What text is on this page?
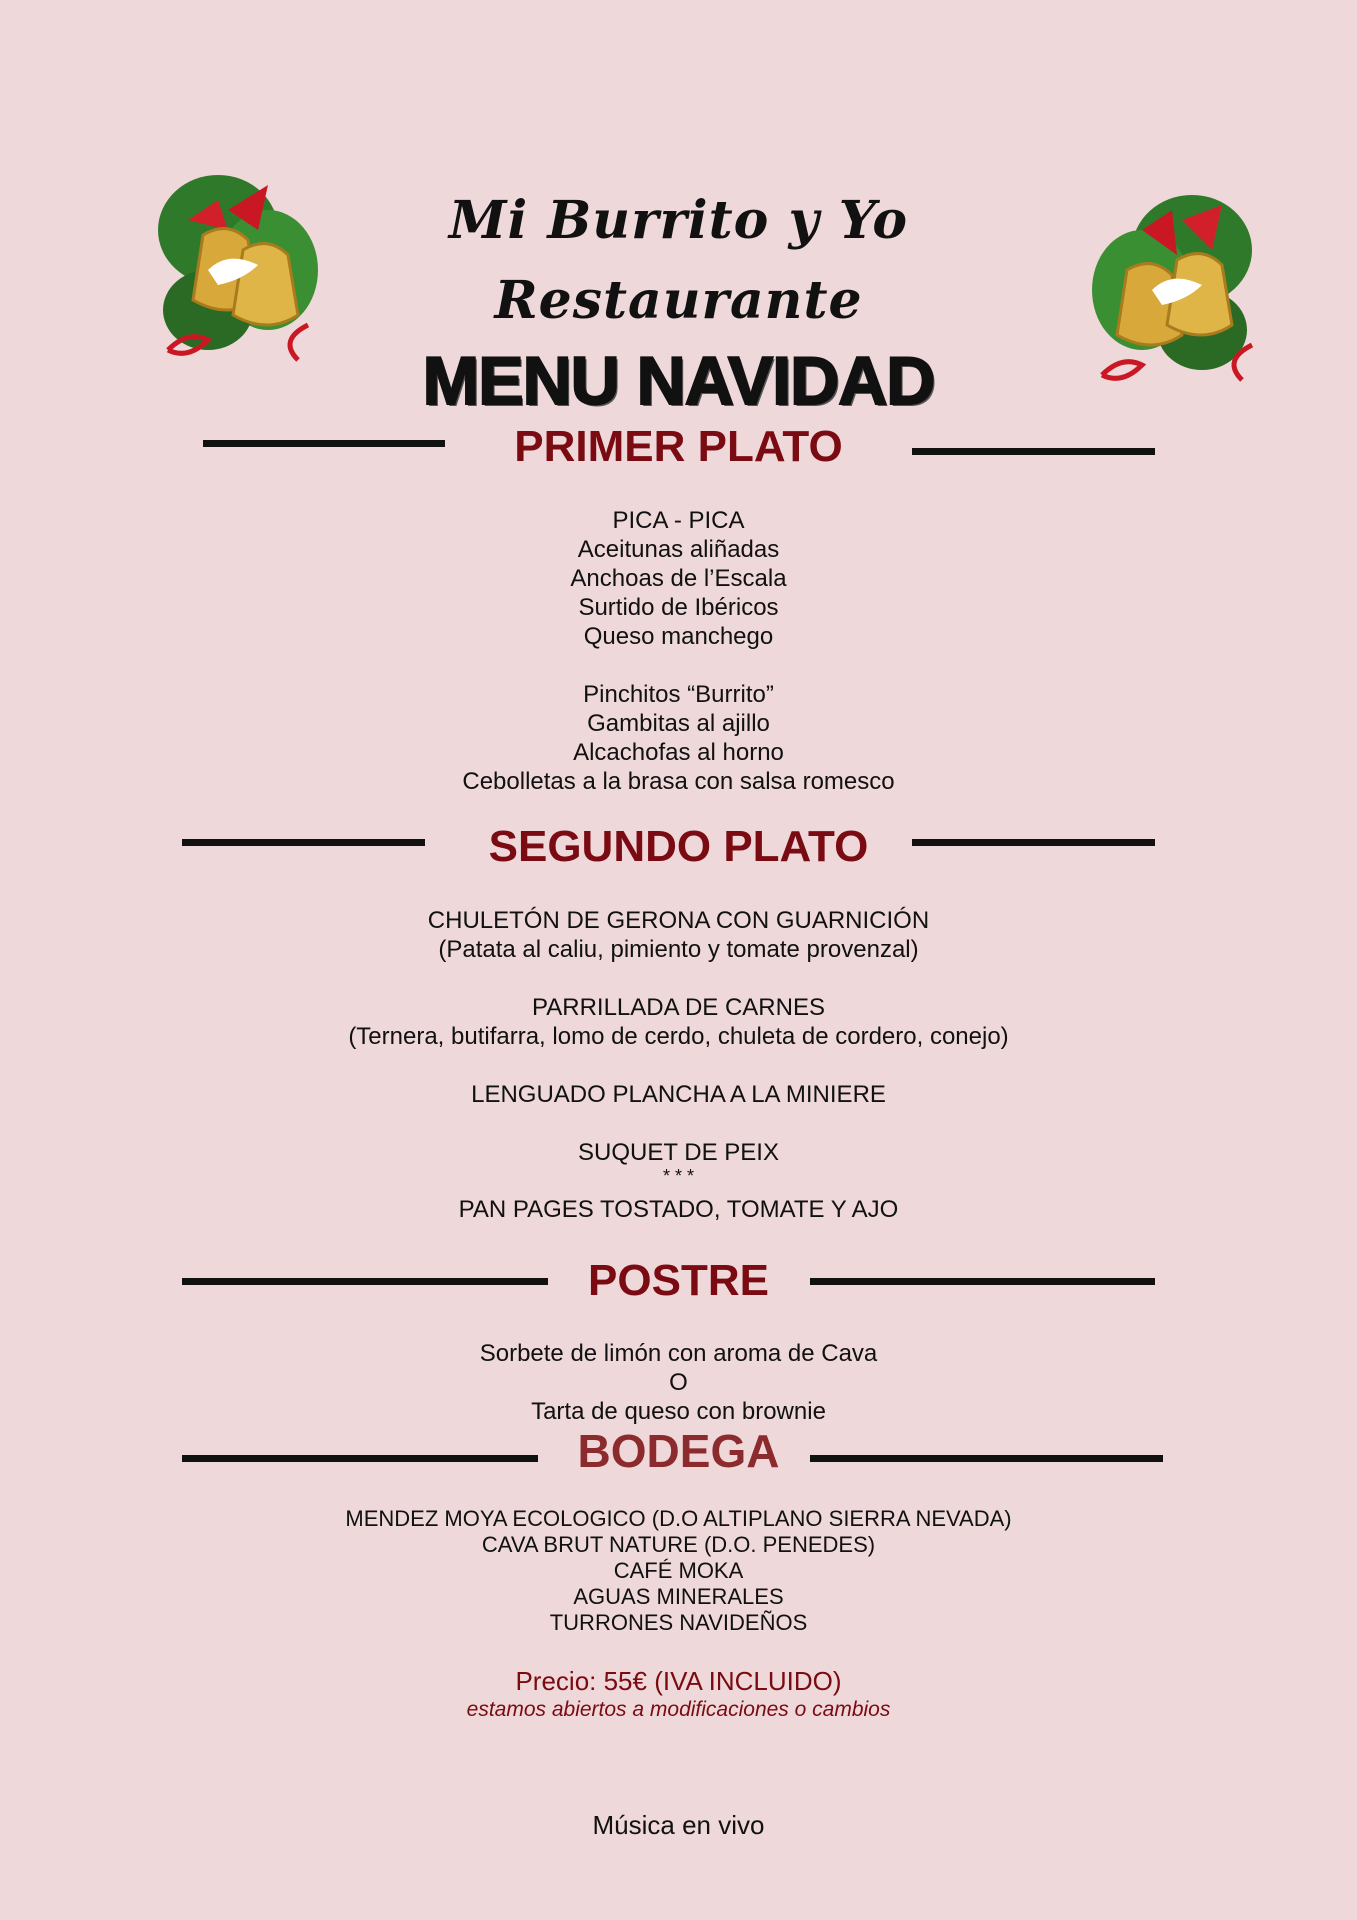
Mi Burrito y Yo
Restaurante
MENU NAVIDAD
PRIMER PLATO
PICA - PICA
Aceitunas aliñadas
Anchoas de l’Escala
Surtido de Ibéricos
Queso manchego
Pinchitos “Burrito”
Gambitas al ajillo
Alcachofas al horno
Cebolletas a la brasa con salsa romesco
SEGUNDO PLATO
CHULETÓN DE GERONA CON GUARNICIÓN
(Patata al caliu, pimiento y tomate provenzal)
PARRILLADA DE CARNES
(Ternera, butifarra, lomo de cerdo, chuleta de cordero, conejo)
LENGUADO PLANCHA A LA MINIERE
SUQUET DE PEIX
* * *
PAN PAGES TOSTADO, TOMATE Y AJO
POSTRE
Sorbete de limón con aroma de Cava
O
Tarta de queso con brownie
BODEGA
MENDEZ MOYA ECOLOGICO (D.O ALTIPLANO SIERRA NEVADA)
CAVA BRUT NATURE (D.O. PENEDES)
CAFÉ MOKA
AGUAS MINERALES
TURRONES NAVIDEÑOS
Precio: 55€ (IVA INCLUIDO)
estamos abiertos a modificaciones o cambios
Música en vivo
